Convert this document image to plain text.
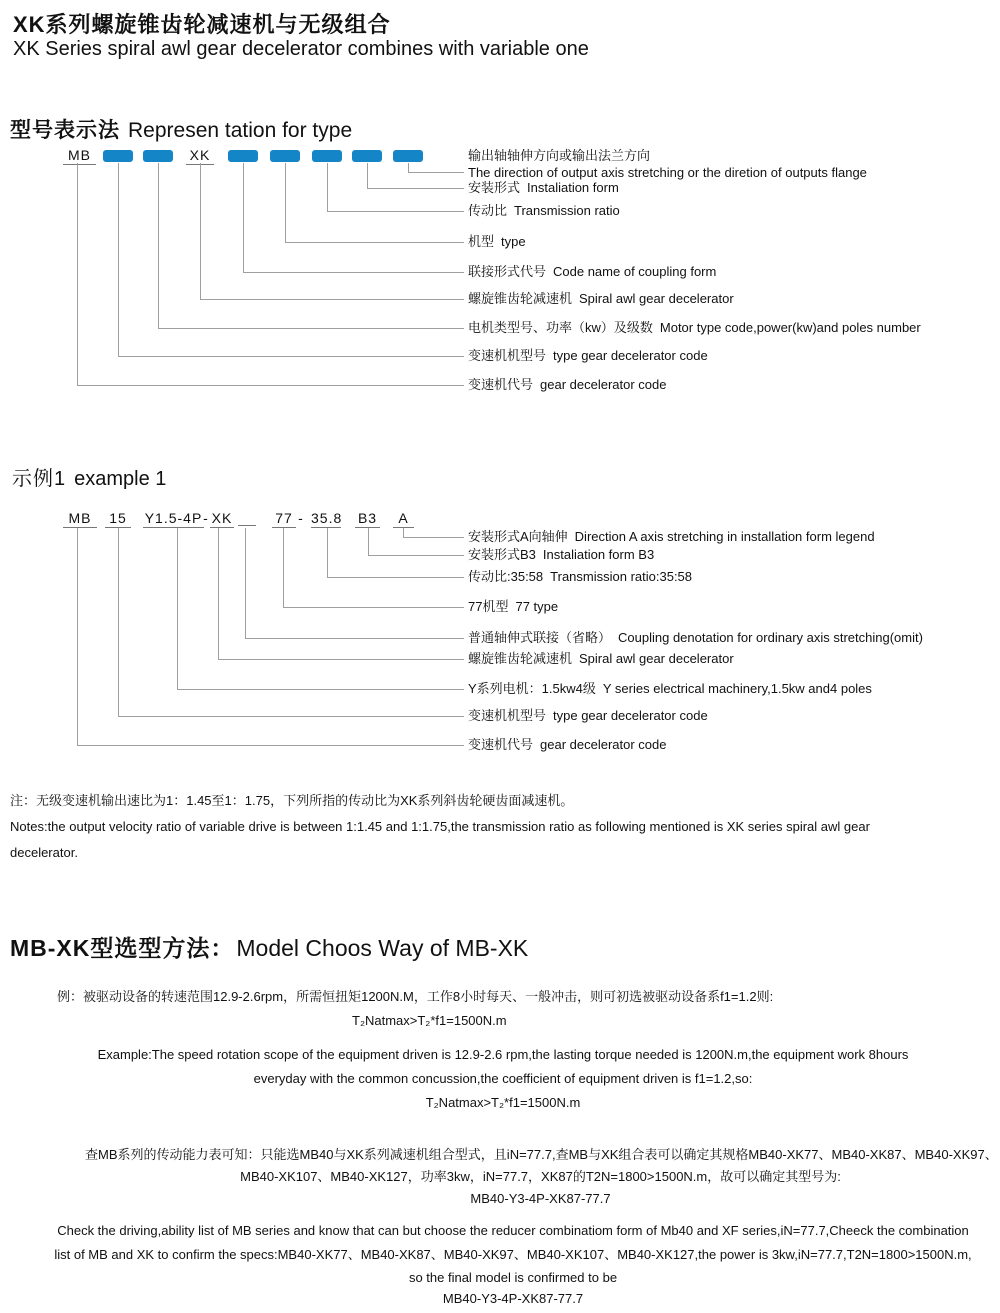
XK系列螺旋锥齿轮减速机与无级组合
XK Series spiral awl gear decelerator combines with variable one
型号表示法 Represen tation for type
MB	XK	输出轴轴伸方向或输出法兰方向
The direction of output axis stretching or the diretion of outputs flange
安装形式 Instaliation form
传动比 Transmission ratio
机型 type
联接形式代号 Code name of coupling form
螺旋锥齿轮减速机 Spiral awl gear decelerator
电机类型号、功率（kw）及级数 Motor type code,power(kw)and poles number
变速机机型号 type gear decelerator code
变速机代号 gear decelerator code
示例1 example 1
MB	15	Y1.5-4P - XK	77 - 35.8 B3	A
安装形式A向轴伸 Direction A axis stretching in installation form legend
安装形式B3 Instaliation form B3
传动比:35:58 Transmission ratio:35:58
77机型 77 type
普通轴伸式联接（省略） Coupling denotation for ordinary axis stretching(omit)
螺旋锥齿轮减速机 Spiral awl gear decelerator
Y系列电机：1.5kw4级 Y series electrical machinery,1.5kw and4 poles
变速机机型号 type gear decelerator code
变速机代号 gear decelerator code
注：无级变速机输出速比为1：1.45至1：1.75，下列所指的传动比为XK系列斜齿轮硬齿面减速机。
Notes:the output velocity ratio of variable drive is between 1:1.45 and 1:1.75,the transmission ratio as following mentioned is XK series spiral awl gear
decelerator.
MB-XK型选型方法：Model Choos Way of MB-XK
例：被驱动设备的转速范围12.9-2.6rpm，所需恒扭矩1200N.M，工作8小时每天、一般冲击，则可初选被驱动设备系f1=1.2则:
T₂Natmax>T₂*f1=1500N.m
Example:The speed rotation scope of the equipment driven is 12.9-2.6 rpm,the lasting torque needed is 1200N.m,the equipment work 8hours
everyday with the common concussion,the coefficient of equipment driven is f1=1.2,so:
T₂Natmax>T₂*f1=1500N.m
查MB系列的传动能力表可知：只能选MB40与XK系列减速机组合型式，且iN=77.7,查MB与XK组合表可以确定其规格MB40-XK77、MB40-XK87、MB40-XK97、
MB40-XK107、MB40-XK127，功率3kw，iN=77.7，XK87的T2N=1800>1500N.m，故可以确定其型号为:
MB40-Y3-4P-XK87-77.7
Check the driving,ability list of MB series and know that can but choose the reducer combinatiom form of Mb40 and XF series,iN=77.7,Cheeck the combination
list of MB and XK to confirm the specs:MB40-XK77、MB40-XK87、MB40-XK97、MB40-XK107、MB40-XK127,the power is 3kw,iN=77.7,T2N=1800>1500N.m,
so the final model is confirmed to be
MB40-Y3-4P-XK87-77.7
